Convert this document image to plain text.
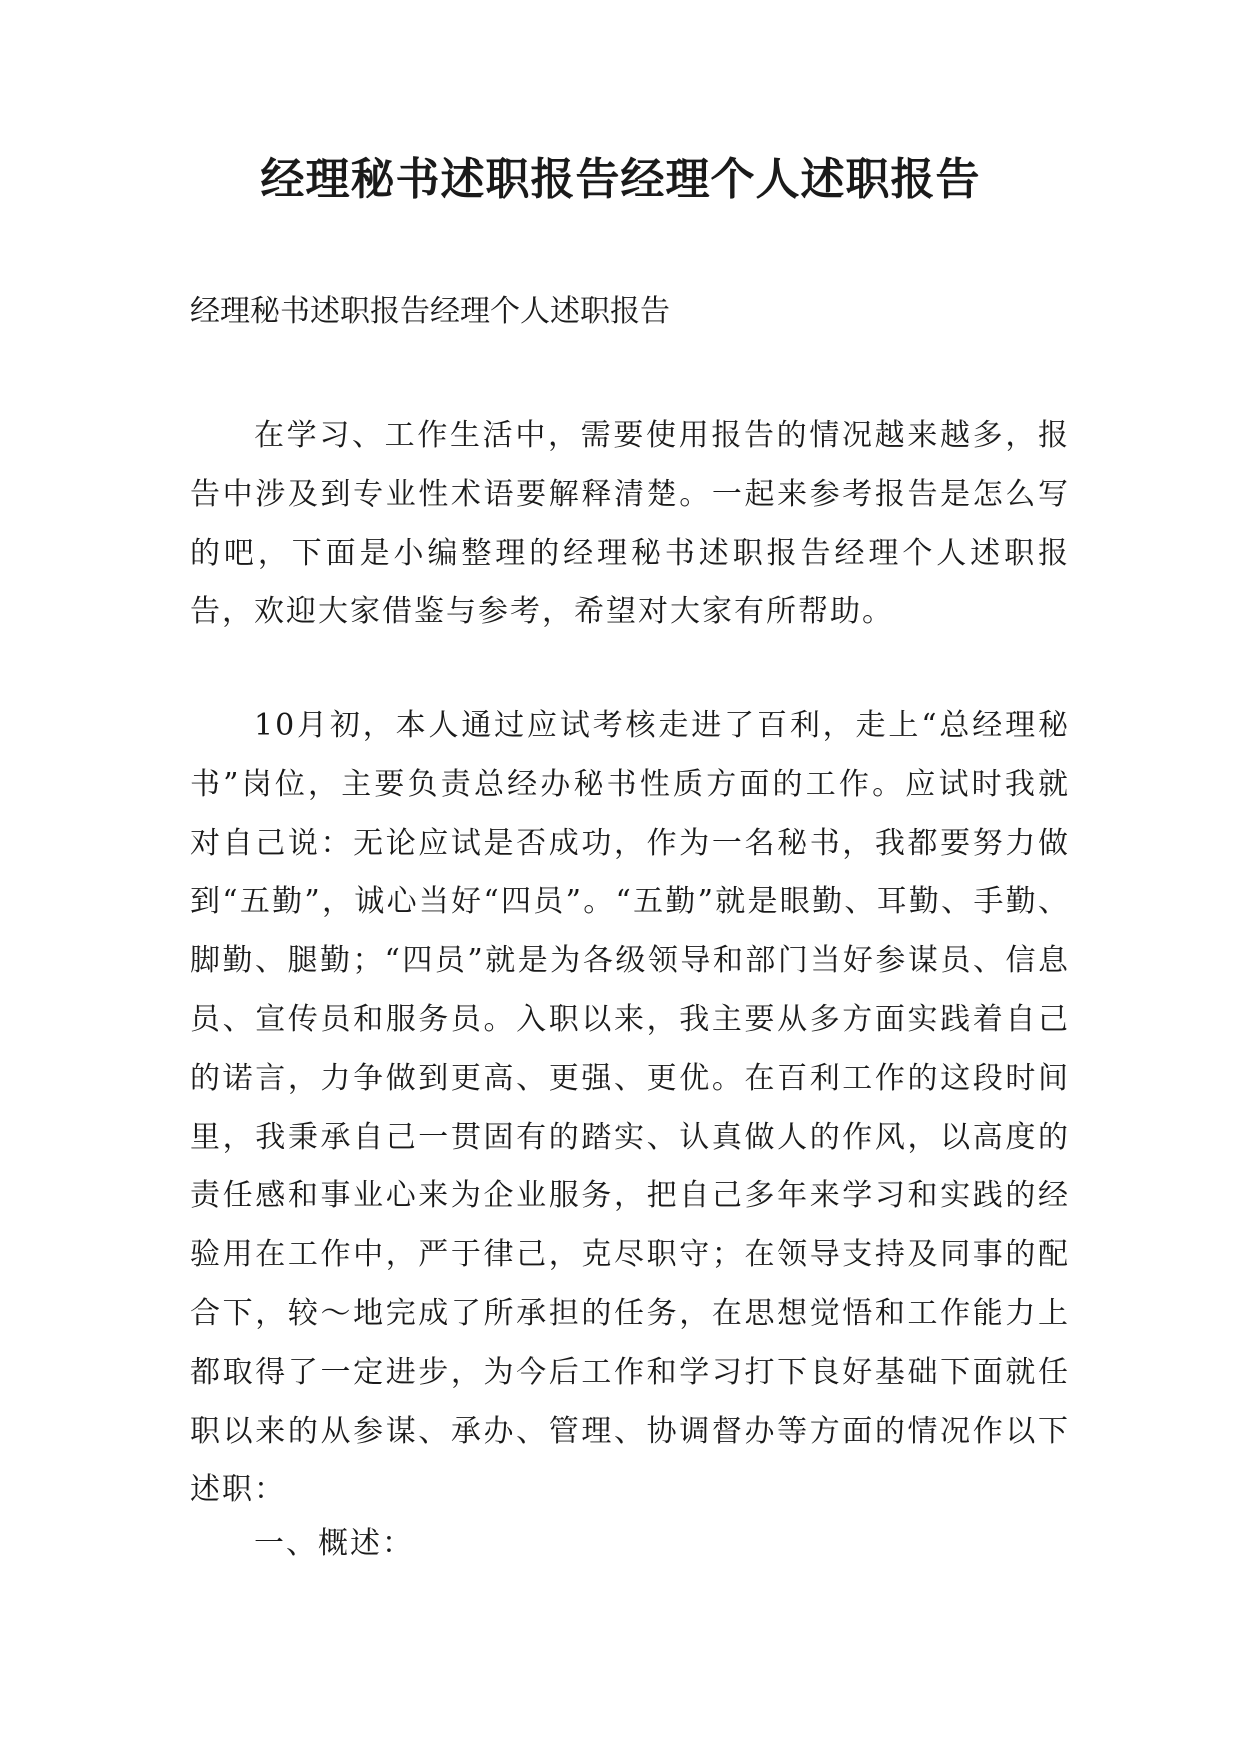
经理秘书述职报告经理个人述职报告

经理秘书述职报告经理个人述职报告

在学习、工作生活中，需要使用报告的情况越来越多，报告中涉及到专业性术语要解释清楚。一起来参考报告是怎么写的吧，下面是小编整理的经理秘书述职报告经理个人述职报告，欢迎大家借鉴与参考，希望对大家有所帮助。

10月初，本人通过应试考核走进了百利，走上“总经理秘书”岗位，主要负责总经办秘书性质方面的工作。应试时我就对自己说：无论应试是否成功，作为一名秘书，我都要努力做到“五勤”，诚心当好“四员”。“五勤”就是眼勤、耳勤、手勤、脚勤、腿勤；“四员”就是为各级领导和部门当好参谋员、信息员、宣传员和服务员。入职以来，我主要从多方面实践着自己的诺言，力争做到更高、更强、更优。在百利工作的这段时间里，我秉承自己一贯固有的踏实、认真做人的作风，以高度的责任感和事业心来为企业服务，把自己多年来学习和实践的经验用在工作中，严于律己，克尽职守；在领导支持及同事的配合下，较～地完成了所承担的任务，在思想觉悟和工作能力上都取得了一定进步，为今后工作和学习打下良好基础下面就任职以来的从参谋、承办、管理、协调督办等方面的情况作以下述职：

一、概述：
